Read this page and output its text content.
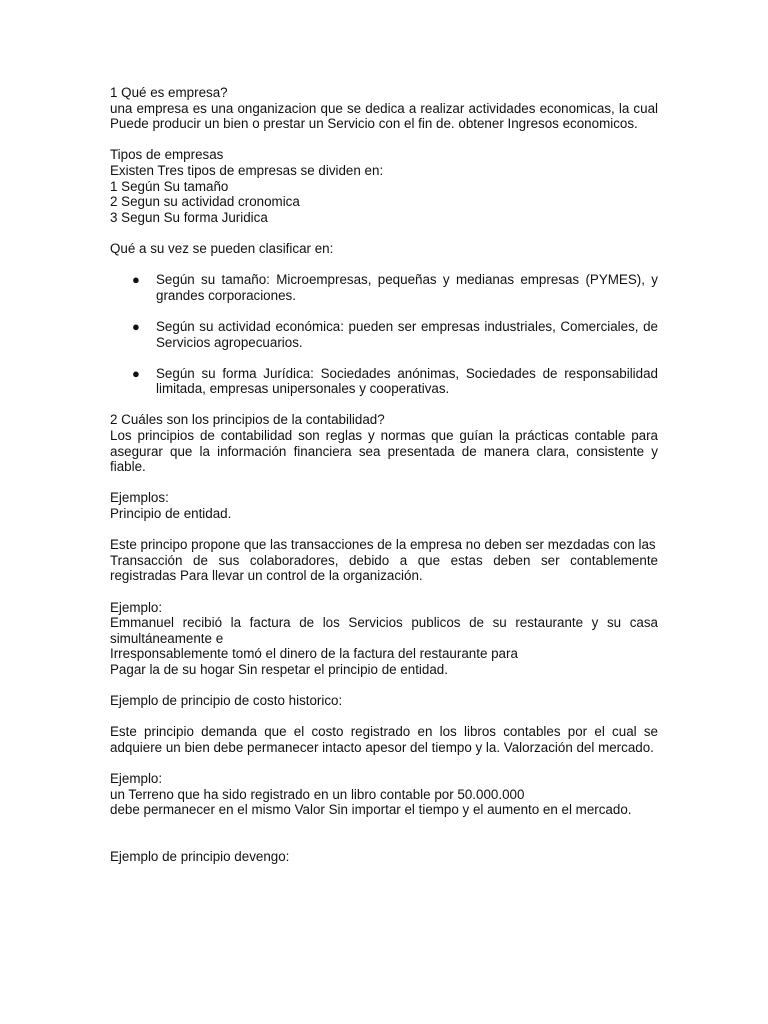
1 Qué es empresa?

una empresa es una onganizacion que se dedica a realizar actividades economicas, la cual Puede producir un bien o prestar un Servicio con el fin de. obtener Ingresos economicos.

Tipos de empresas

Existen Tres tipos de empresas se dividen en:

1 Según Su tamaño

2 Segun su actividad cronomica

3 Segun Su forma Juridica

Qué a su vez se pueden clasificar en:

● Según su tamaño: Microempresas, pequeñas y medianas empresas (PYMES), y grandes corporaciones.
● Según su actividad económica: pueden ser empresas industriales, Comerciales, de Servicios agropecuarios.
● Según su forma Jurídica: Sociedades anónimas, Sociedades de responsabilidad limitada, empresas unipersonales y cooperativas.

2 Cuáles son los principios de la contabilidad?

Los principios de contabilidad son reglas y normas que guían la prácticas contable para asegurar que la información financiera sea presentada de manera clara, consistente y fiable.

Ejemplos:

Principio de entidad.

Este principo propone que las transacciones de la empresa no deben ser mezdadas con las

Transacción de sus colaboradores, debido a que estas deben ser contablemente registradas Para llevar un control de la organización.

Ejemplo:

Emmanuel recibió la factura de los Servicios publicos de su restaurante y su casa simultáneamente e

Irresponsablemente tomó el dinero de la factura del restaurante para

Pagar la de su hogar Sin respetar el principio de entidad.

Ejemplo de principio de costo historico:

Este principio demanda que el costo registrado en los libros contables por el cual se adquiere un bien debe permanecer intacto apesor del tiempo y la. Valorzación del mercado.

Ejemplo:

un Terreno que ha sido registrado en un libro contable por 50.000.000

debe permanecer en el mismo Valor Sin importar el tiempo y el aumento en el mercado.

Ejemplo de principio devengo:
